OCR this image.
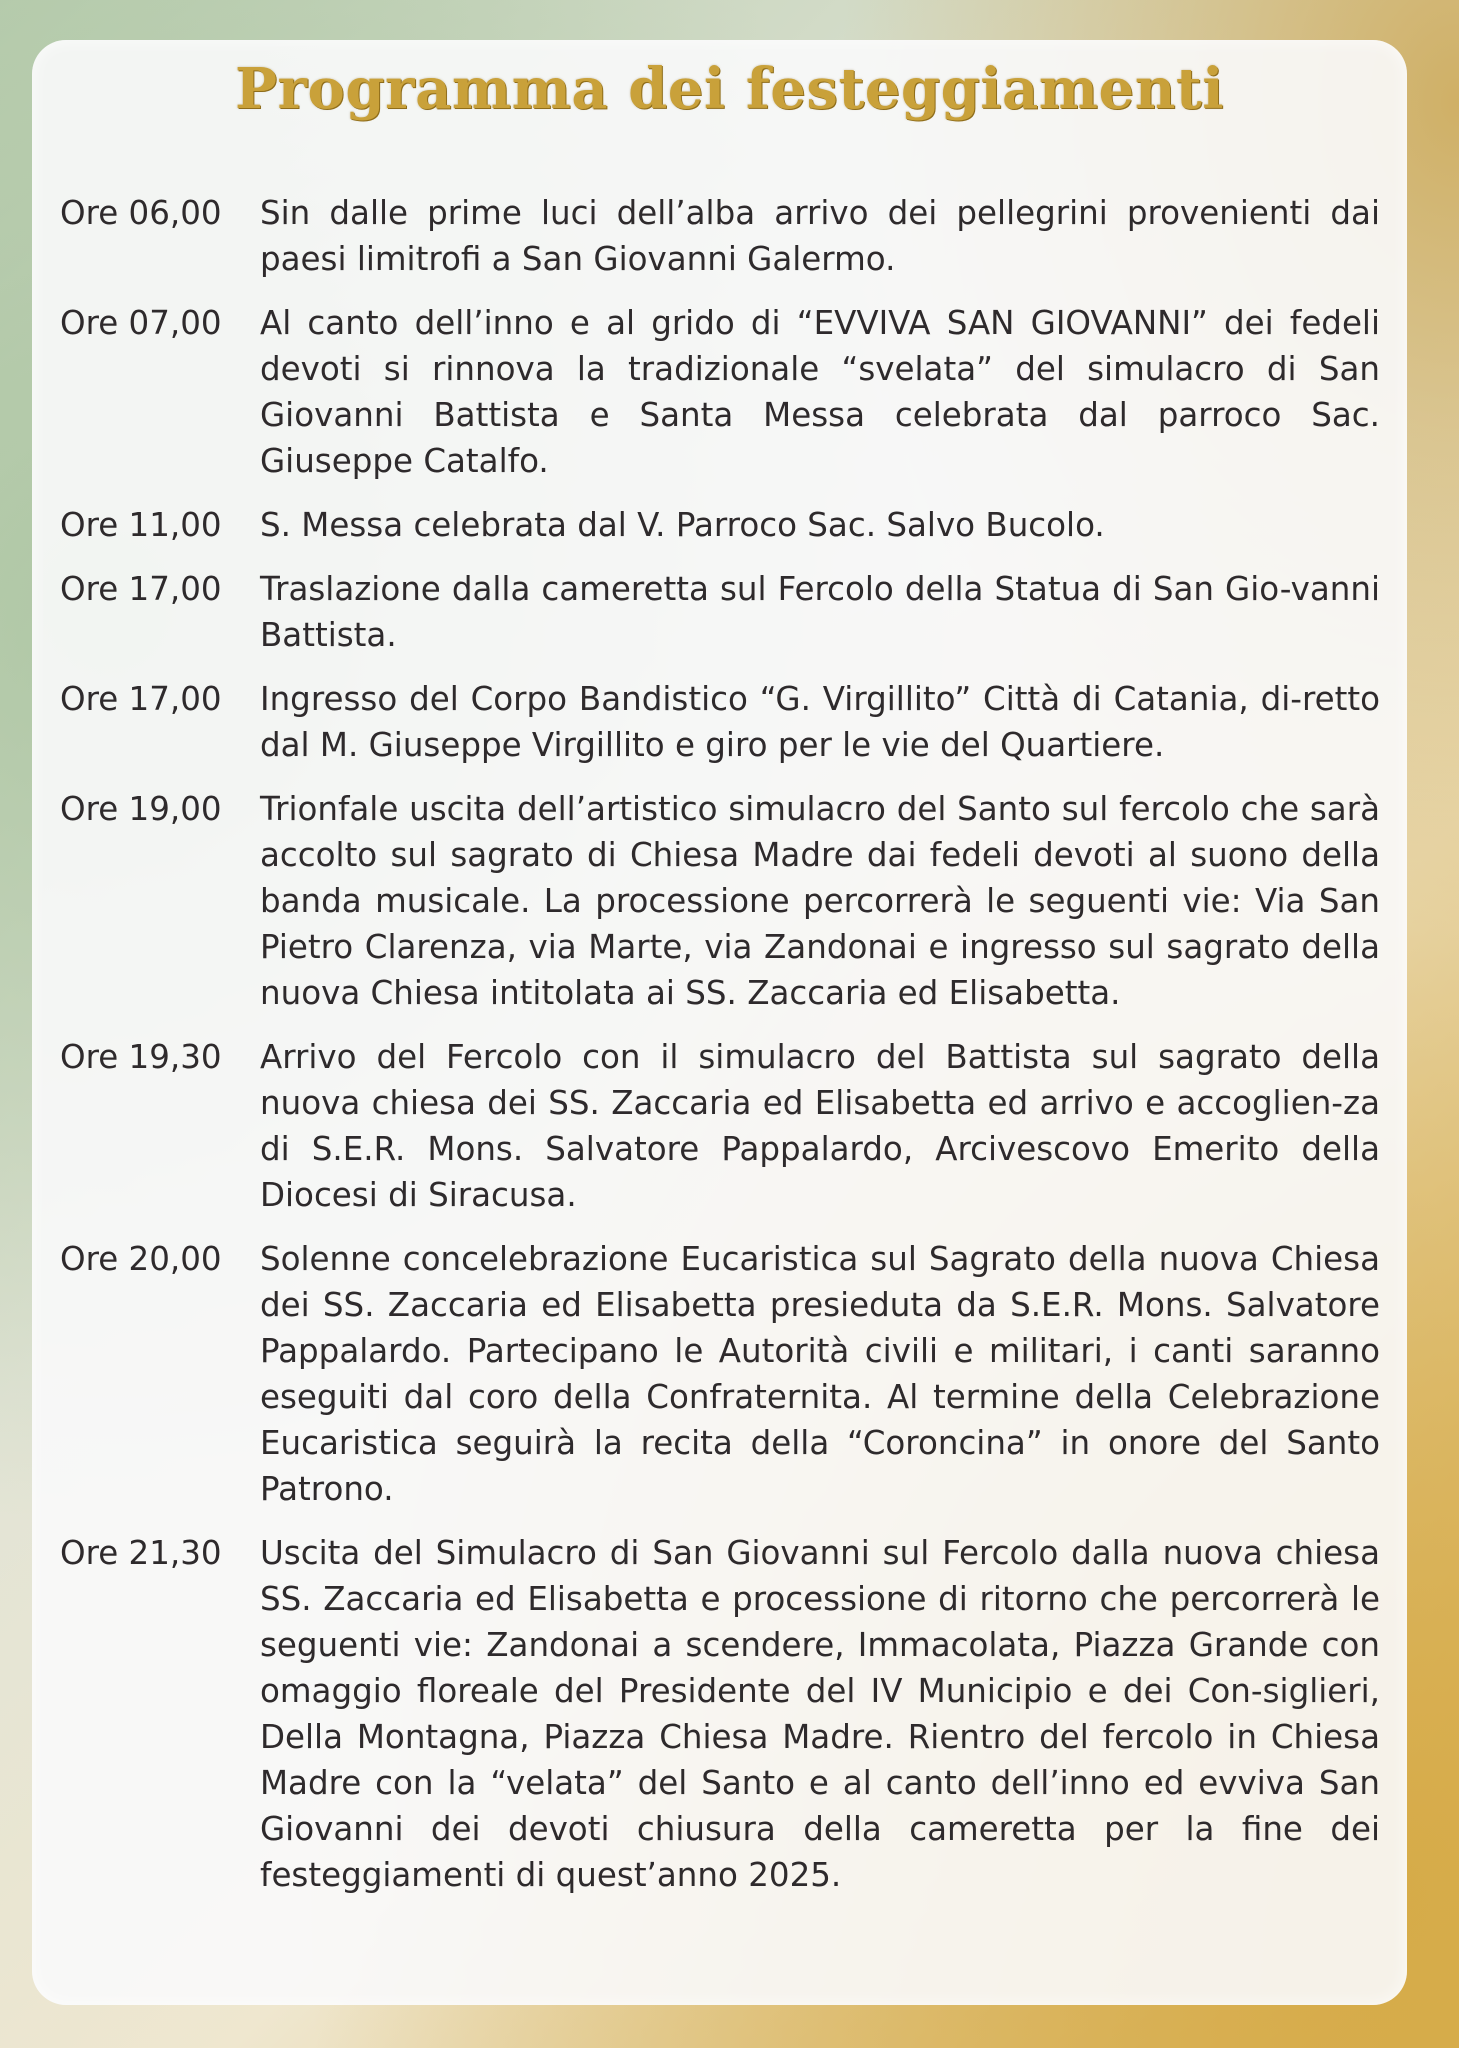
Programma dei festeggiamenti
Ore 06,00	Sin dalle prime luci dell’alba arrivo dei pellegrini provenienti dai paesi limitrofi a San Giovanni Galermo.
Ore 07,00	Al canto dell’inno e al grido di “EVVIVA SAN GIOVANNI” dei fedeli devoti si rinnova la tradizionale “svelata” del simulacro di San Giovanni Battista e Santa Messa celebrata dal parroco Sac. Giuseppe Catalfo.
Ore 11,00	S. Messa celebrata dal V. Parroco Sac. Salvo Bucolo.
Ore 17,00	Traslazione dalla cameretta sul Fercolo della Statua di San Gio-vanni Battista.
Ore 17,00	Ingresso del Corpo Bandistico “G. Virgillito” Città di Catania, di-retto dal M. Giuseppe Virgillito e giro per le vie del Quartiere.
Ore 19,00	Trionfale uscita dell’artistico simulacro del Santo sul fercolo che sarà accolto sul sagrato di Chiesa Madre dai fedeli devoti al suono della banda musicale. La processione percorrerà le seguenti vie: Via San Pietro Clarenza, via Marte, via Zandonai e ingresso sul sagrato della nuova Chiesa intitolata ai SS. Zaccaria ed Elisabetta.
Ore 19,30	Arrivo del Fercolo con il simulacro del Battista sul sagrato della nuova chiesa dei SS. Zaccaria ed Elisabetta ed arrivo e accoglien-za di S.E.R. Mons. Salvatore Pappalardo, Arcivescovo Emerito della Diocesi di Siracusa.
Ore 20,00	Solenne concelebrazione Eucaristica sul Sagrato della nuova Chiesa dei SS. Zaccaria ed Elisabetta presieduta da S.E.R. Mons. Salvatore Pappalardo. Partecipano le Autorità civili e militari, i canti saranno eseguiti dal coro della Confraternita. Al termine della Celebrazione Eucaristica seguirà la recita della “Coroncina” in onore del Santo Patrono.
Ore 21,30	Uscita del Simulacro di San Giovanni sul Fercolo dalla nuova chiesa SS. Zaccaria ed Elisabetta e processione di ritorno che percorrerà le seguenti vie: Zandonai a scendere, Immacolata, Piazza Grande con omaggio floreale del Presidente del IV Municipio e dei Con-siglieri, Della Montagna, Piazza Chiesa Madre. Rientro del fercolo in Chiesa Madre con la “velata” del Santo e al canto dell’inno ed evviva San Giovanni dei devoti chiusura della cameretta per la fine dei festeggiamenti di quest’anno 2025.
